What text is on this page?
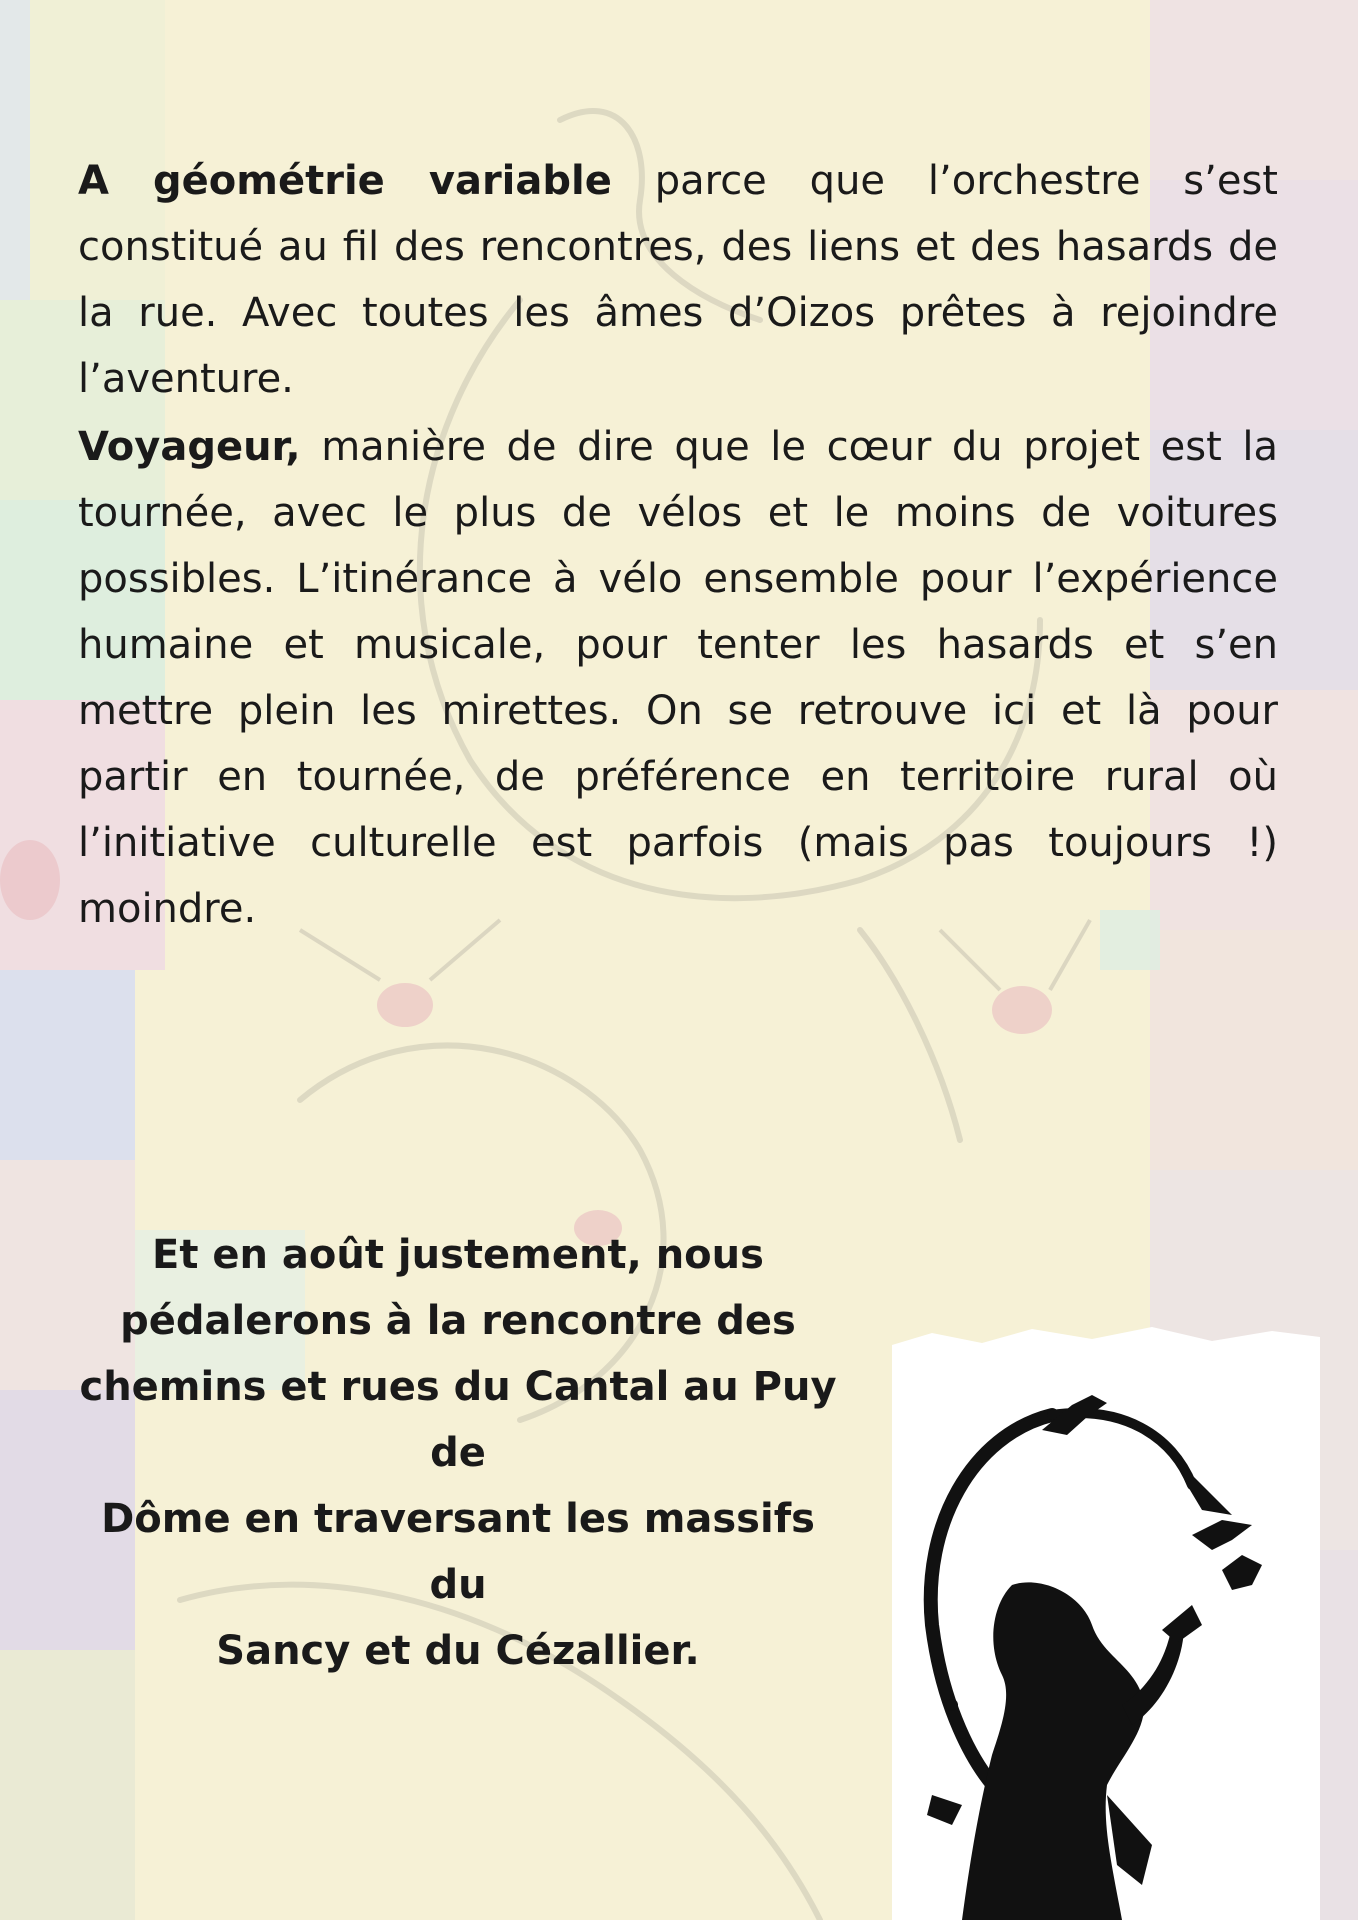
A géométrie variable parce que l’orchestre s’est constitué au fil des rencontres, des liens et des hasards de la rue. Avec toutes les âmes d’Oizos prêtes à rejoindre l’aventure.

Voyageur, manière de dire que le cœur du projet est la tournée, avec le plus de vélos et le moins de voitures possibles. L’itinérance à vélo ensemble pour l’expérience humaine et musicale, pour tenter les hasards et s’en mettre plein les mirettes. On se retrouve ici et là pour partir en tournée, de préférence en territoire rural où l’initiative culturelle est parfois (mais pas toujours !) moindre.

Et en août justement, nous
pédalerons à la rencontre des
chemins et rues du Cantal au Puy de
Dôme en traversant les massifs du
Sancy et du Cézallier.
